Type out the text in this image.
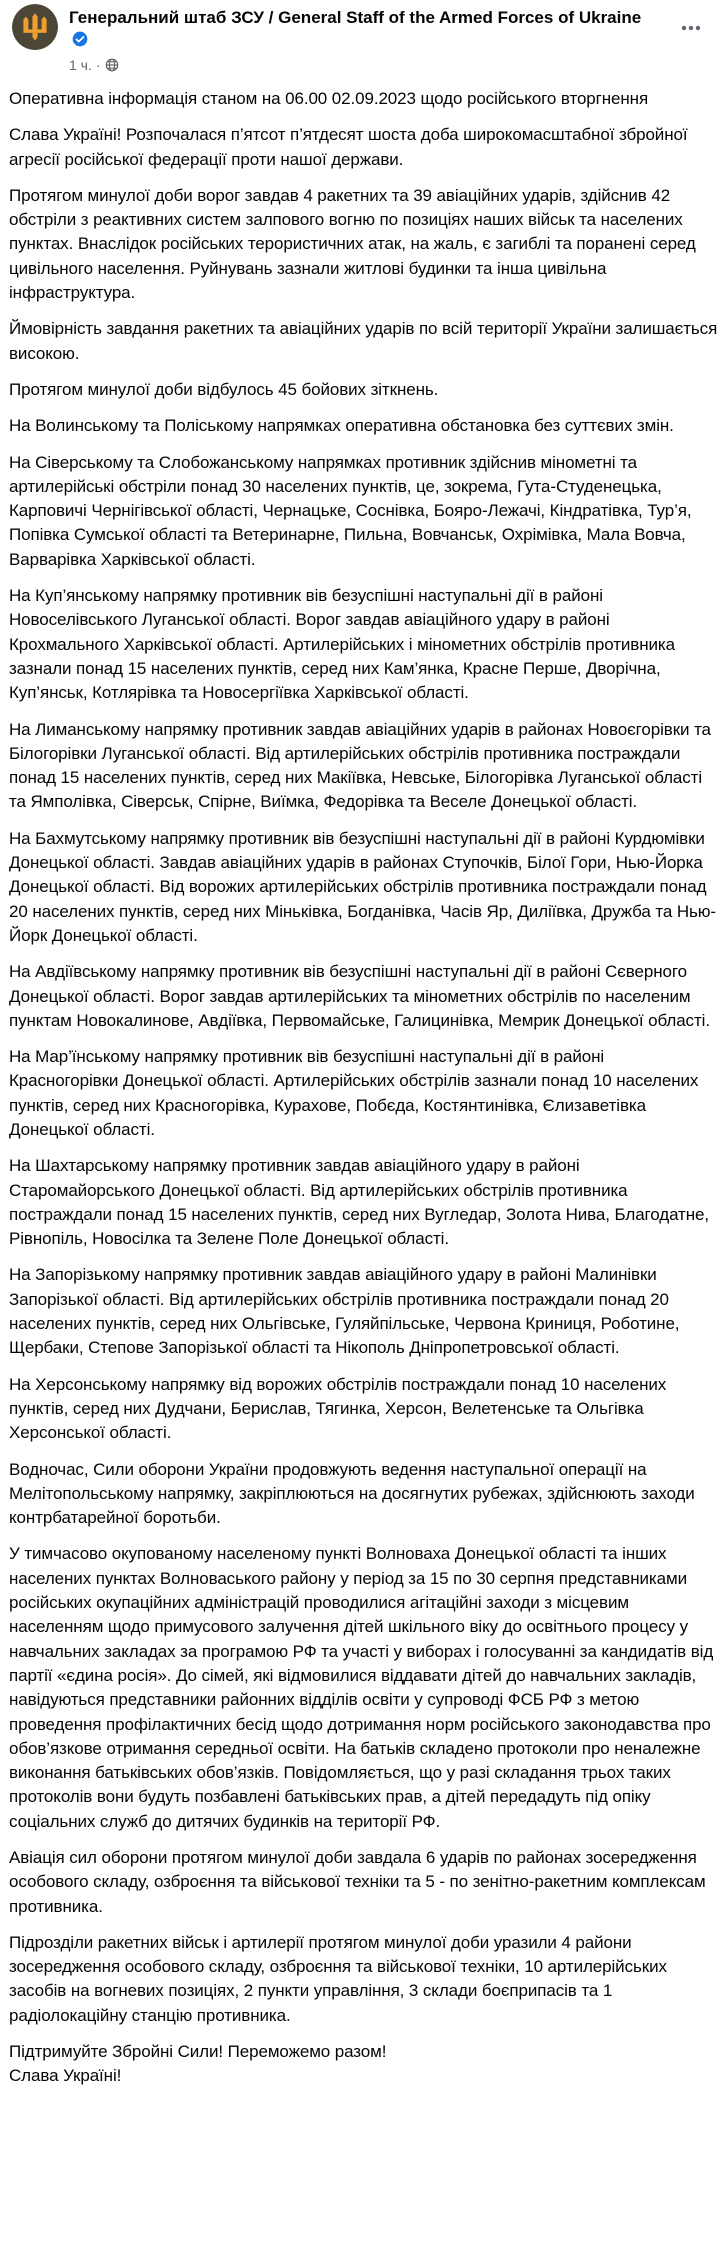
Генеральний штаб ЗСУ / General Staff of the Armed Forces of Ukraine
1 ч. ·

Оперативна інформація станом на 06.00 02.09.2023 щодо російського вторгнення

Слава Україні! Розпочалася п’ятсот п’ятдесят шоста доба широкомасштабної збройної агресії російської федерації проти нашої держави.

Протягом минулої доби ворог завдав 4 ракетних та 39 авіаційних ударів, здійснив 42 обстріли з реактивних систем залпового вогню по позиціях наших військ та населених пунктах. Внаслідок російських терористичних атак, на жаль, є загиблі та поранені серед цивільного населення. Руйнувань зазнали житлові будинки та інша цивільна інфраструктура.

Ймовірність завдання ракетних та авіаційних ударів по всій території України залишається високою.

Протягом минулої доби відбулось 45 бойових зіткнень.

На Волинському та Поліському напрямках оперативна обстановка без суттєвих змін.

На Сіверському та Слобожанському напрямках противник здійснив мінометні та артилерійські обстріли понад 30 населених пунктів, це, зокрема, Гута-Студенецька, Карповичі Чернігівської області, Чернацьке, Соснівка, Бояро-Лежачі, Кіндратівка, Тур’я, Попівка Сумської області та Ветеринарне, Пильна, Вовчанськ, Охрімівка, Мала Вовча, Варварівка Харківської області.

На Куп’янському напрямку противник вів безуспішні наступальні дії в районі Новоселівського Луганської області. Ворог завдав авіаційного удару в районі Крохмального Харківської області. Артилерійських і мінометних обстрілів противника зазнали понад 15 населених пунктів, серед них Кам’янка, Красне Перше, Дворічна, Куп’янськ, Котлярівка та Новосергіївка Харківської області.

На Лиманському напрямку противник завдав авіаційних ударів в районах Новоєгорівки та Білогорівки Луганської області. Від артилерійських обстрілів противника постраждали понад 15 населених пунктів, серед них Макіївка, Невське, Білогорівка Луганської області та Ямполівка, Сіверськ, Спірне, Виїмка, Федорівка та Веселе Донецької області.

На Бахмутському напрямку противник вів безуспішні наступальні дії в районі Курдюмівки Донецької області. Завдав авіаційних ударів в районах Ступочків, Білої Гори, Нью-Йорка Донецької області. Від ворожих артилерійських обстрілів противника постраждали понад 20 населених пунктів, серед них Міньківка, Богданівка, Часів Яр, Диліївка, Дружба та Нью-Йорк Донецької області.

На Авдіївському напрямку противник вів безуспішні наступальні дії в районі Сєверного Донецької області. Ворог завдав артилерійських та мінометних обстрілів по населеним пунктам Новокалинове, Авдіївка, Первомайське, Галицинівка, Мемрик Донецької області.

На Мар’їнському напрямку противник вів безуспішні наступальні дії в районі Красногорівки Донецької області. Артилерійських обстрілів зазнали понад 10 населених пунктів, серед них Красногорівка, Курахове, Побєда, Костянтинівка, Єлизаветівка Донецької області.

На Шахтарському напрямку противник завдав авіаційного удару в районі Старомайорського Донецької області. Від артилерійських обстрілів противника постраждали понад 15 населених пунктів, серед них Вугледар, Золота Нива, Благодатне, Рівнопіль, Новосілка та Зелене Поле Донецької області.

На Запорізькому напрямку противник завдав авіаційного удару в районі Малинівки Запорізької області. Від артилерійських обстрілів противника постраждали понад 20 населених пунктів, серед них Ольгівське, Гуляйпільське, Червона Криниця, Роботине, Щербаки, Степове Запорізької області та Нікополь Дніпропетровської області.

На Херсонському напрямку від ворожих обстрілів постраждали понад 10 населених пунктів, серед них Дудчани, Берислав, Тягинка, Херсон, Велетенське та Ольгівка Херсонської області.

Водночас, Сили оборони України продовжують ведення наступальної операції на Мелітопольському напрямку, закріплюються на досягнутих рубежах, здійснюють заходи контрбатарейної боротьби.

У тимчасово окупованому населеному пункті Волноваха Донецької області та інших населених пунктах Волноваського району у період за 15 по 30 серпня представниками російських окупаційних адміністрацій проводилися агітаційні заходи з місцевим населенням щодо примусового залучення дітей шкільного віку до освітнього процесу у навчальних закладах за програмою РФ та участі у виборах і голосуванні за кандидатів від партії «єдина росія». До сімей, які відмовилися віддавати дітей до навчальних закладів, навідуються представники районних відділів освіти у супроводі ФСБ РФ з метою проведення профілактичних бесід щодо дотримання норм російського законодавства про обов’язкове отримання середньої освіти. На батьків складено протоколи про неналежне виконання батьківських обов’язків. Повідомляється, що у разі складання трьох таких протоколів вони будуть позбавлені батьківських прав, а дітей передадуть під опіку соціальних служб до дитячих будинків на території РФ.

Авіація сил оборони протягом минулої доби завдала 6 ударів по районах зосередження особового складу, озброєння та військової техніки та 5 - по зенітно-ракетним комплексам противника.

Підрозділи ракетних військ і артилерії протягом минулої доби уразили 4 райони зосередження особового складу, озброєння та військової техніки, 10 артилерійських засобів на вогневих позиціях, 2 пункти управління, 3 склади боєприпасів та 1 радіолокаційну станцію противника.

Підтримуйте Збройні Сили! Переможемо разом!
Слава Україні!
